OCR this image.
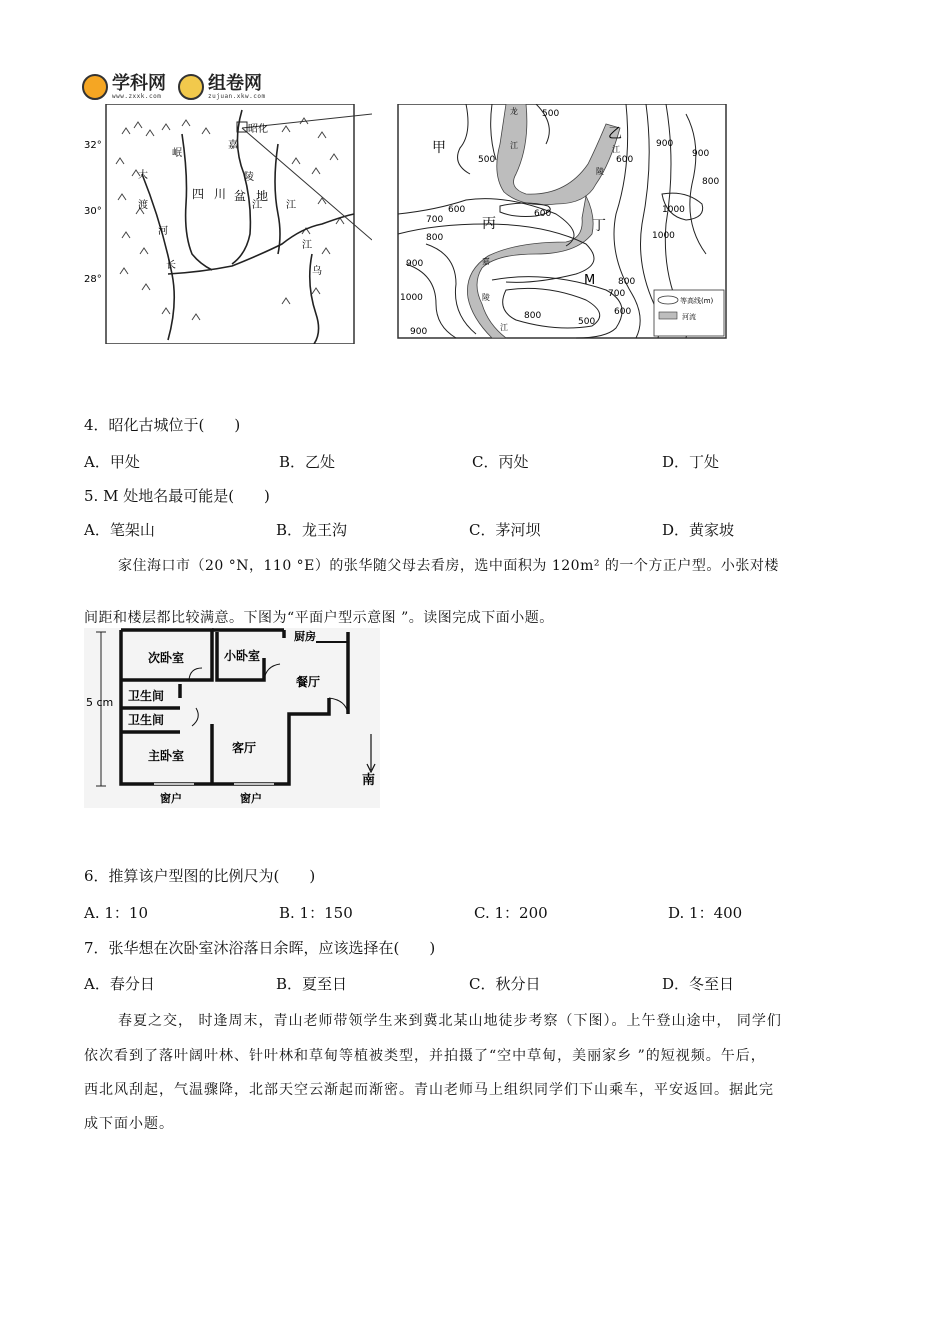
学科网
www.zxxk.com
组卷网
zujuan.xkw.com
32°
30°
28°
昭化
嘉
陵
江
岷
大
渡
河
四 川 盆 地
江
长
乌
江
甲
乙
丙	丁
M
500
500
600	600
700
800
900
1000
900
800
600
700
800
900
1000
500
600
800
1000
900
嘉
陵
江
陵
江
龙
江
等高线(m)
河流
4．昭化古城位于(　　)
A．甲处	B．乙处	C．丙处	D．丁处
5. M 处地名最可能是(　　)
A．笔架山	B．龙王沟	C．茅河坝	D．黄家坡
家住海口市（20 °N，110 °E）的张华随父母去看房，选中面积为 120m² 的一个方正户型。小张对楼
间距和楼层都比较满意。下图为“平面户型示意图 ”。读图完成下面小题。
5 cm
次卧室	小卧室
厨房
餐厅
卫生间
卫生间
主卧室
客厅
窗户	窗户
南
6．推算该户型图的比例尺为(　　)
A. 1：10	B. 1：150	C. 1：200	D. 1：400
7．张华想在次卧室沐浴落日余晖，应该选择在(　　)
A．春分日	B．夏至日	C．秋分日	D．冬至日
春夏之交， 时逢周末，青山老师带领学生来到冀北某山地徒步考察（下图）。上午登山途中， 同学们
依次看到了落叶阔叶林、针叶林和草甸等植被类型，并拍摄了“空中草甸，美丽家乡 ”的短视频。午后，
西北风刮起，气温骤降，北部天空云渐起而渐密。青山老师马上组织同学们下山乘车，平安返回。据此完
成下面小题。
